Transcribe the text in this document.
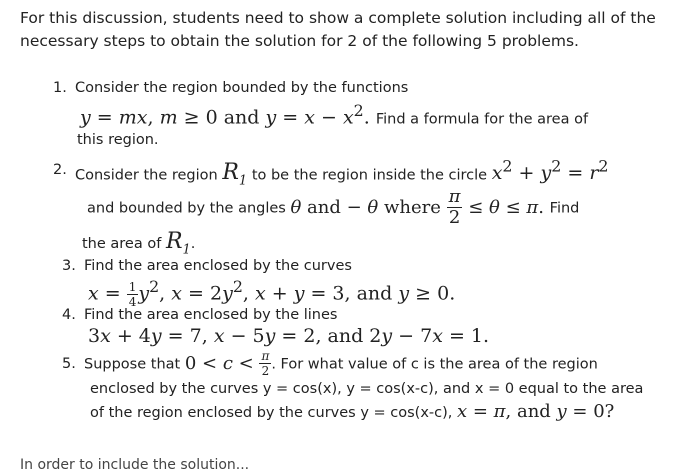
For this discussion, students need to show a complete solution including all of the necessary steps to obtain the solution for 2 of the following 5 problems.
1. Consider the region bounded by the functions
y = mx, m ≥ 0 and $y = x - x^2$. Find a formula for the area of
this region.
2. Consider the region $R_1$ to be the region inside the circle $x^2 + y^2 = r^2$
and bounded by the angles θ and − θ where $\frac{\pi}{2} \le \theta \le \pi$. Find
the area of $R_1$.
3. Find the area enclosed by the curves
$x = \frac{1}{4} y^2$, $x = 2y^2$, x + y = 3, and y ≥ 0.
4. Find the area enclosed by the lines
3x + 4y = 7, x − 5y = 2, and 2y − 7x = 1.
5. Suppose that $0 < c < \frac{\pi}{2}$ . For what value of c is the area of the region
enclosed by the curves y = cos(x), y = cos(x-c), and x = 0 equal to the area
of the region enclosed by the curves y = cos(x-c), x = π, and y = 0?
In order to include the solution...
